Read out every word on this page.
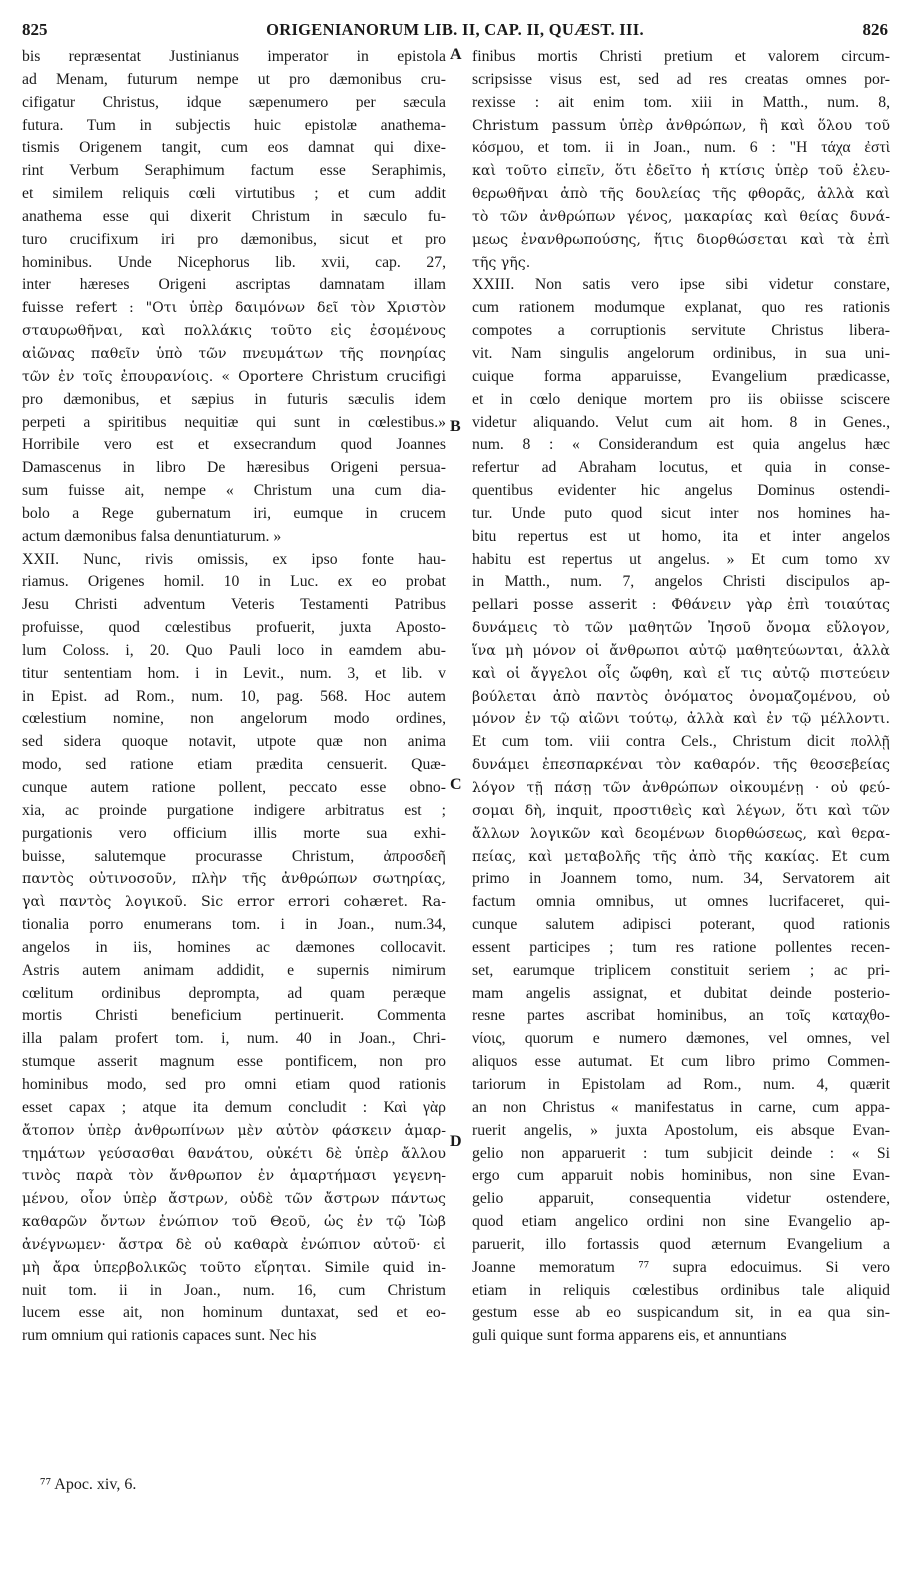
825	ORIGENIANORUM LIB. II, CAP. II, QUÆST. III.	826
bis repræsentat Justinianus imperator in epistola
ad Menam, futurum nempe ut pro dæmonibus cru-
cifigatur Christus, idque sæpenumero per sæcula
futura. Tum in subjectis huic epistolæ anathema-
tismis Origenem tangit, cum eos damnat qui dixe-
rint Verbum Seraphimum factum esse Seraphimis,
et similem reliquis cœli virtutibus ; et cum addit
anathema esse qui dixerit Christum in sæculo fu-
turo crucifixum iri pro dæmonibus, sicut et pro
hominibus. Unde Nicephorus lib. xvii, cap. 27,
inter hæreses Origeni ascriptas damnatam illam
fuisse refert : "Οτι ὑπὲρ δαιμόνων δεῖ τὸν Χριστὸν
σταυρωθῆναι, καὶ πολλάκις τοῦτο εἰς ἐσομένους
αἰῶνας παθεῖν ὑπὸ τῶν πνευμάτων τῆς πονηρίας
τῶν ἐν τοῖς ἐπουρανίοις. « Oportere Christum crucifigi
pro dæmonibus, et sæpius in futuris sæculis idem
perpeti a spiritibus nequitiæ qui sunt in cœlestibus.»
Horribile vero est et exsecrandum quod Joannes
Damascenus in libro De hæresibus Origeni persua-
sum fuisse ait, nempe « Christum una cum dia-
bolo a Rege gubernatum iri, eumque in crucem
actum dæmonibus falsa denuntiaturum. »
XXII. Nunc, rivis omissis, ex ipso fonte hau-
riamus. Origenes homil. 10 in Luc. ex eo probat
Jesu Christi adventum Veteris Testamenti Patribus
profuisse, quod cœlestibus profuerit, juxta Aposto-
lum Coloss. i, 20. Quo Pauli loco in eamdem abu-
titur sententiam hom. i in Levit., num. 3, et lib. v
in Epist. ad Rom., num. 10, pag. 568. Hoc autem
cœlestium nomine, non angelorum modo ordines,
sed sidera quoque notavit, utpote quæ non anima
modo, sed ratione etiam prædita censuerit. Quæ-
cunque autem ratione pollent, peccato esse obno-
xia, ac proinde purgatione indigere arbitratus est ;
purgationis vero officium illis morte sua exhi-
buisse, salutemque procurasse Christum, ἀπροσδεῆ
παντὸς οὐτινοσοῦν, πλὴν τῆς ἀνθρώπων σωτηρίας,
γαὶ παντὸς λογικοῦ. Sic error errori cohæret. Ra-
tionalia porro enumerans tom. i in Joan., num.34,
angelos in iis, homines ac dæmones collocavit.
Astris autem animam addidit, e supernis nimirum
cœlitum ordinibus deprompta, ad quam peræque
mortis Christi beneficium pertinuerit. Commenta
illa palam profert tom. i, num. 40 in Joan., Chri-
stumque asserit magnum esse pontificem, non pro
hominibus modo, sed pro omni etiam quod rationis
esset capax ; atque ita demum concludit : Καὶ γὰρ
ἄτοπον ὑπὲρ ἀνθρωπίνων μὲν αὐτὸν φάσκειν ἁμαρ-
τημάτων γεύσασθαι θανάτου, οὐκέτι δὲ ὑπὲρ ἄλλου
τινὸς παρὰ τὸν ἄνθρωπον ἐν ἁμαρτήμασι γεγενη-
μένου, οἷον ὑπὲρ ἄστρων, οὐδὲ τῶν ἄστρων πάντως
καθαρῶν ὄντων ἐνώπιον τοῦ Θεοῦ, ὡς ἐν τῷ Ἰὼβ
ἀνέγνωμεν· ἄστρα δὲ οὐ καθαρὰ ἐνώπιον αὐτοῦ· εἰ
μὴ ἄρα ὑπερβολικῶς τοῦτο εἴρηται. Simile quid in-
nuit tom. ii in Joan., num. 16, cum Christum
lucem esse ait, non hominum duntaxat, sed et eo-
rum omnium qui rationis capaces sunt. Nec his
finibus mortis Christi pretium et valorem circum-
scripsisse visus est, sed ad res creatas omnes por-
rexisse : ait enim tom. xiii in Matth., num. 8,
Christum passum ὑπὲρ ἀνθρώπων, ἢ καὶ ὅλου τοῦ
κόσμου, et tom. ii in Joan., num. 6 : "Η τάχα ἐστὶ
καὶ τοῦτο εἰπεῖν, ὅτι ἐδεῖτο ἡ κτίσις ὑπὲρ τοῦ ἐλευ-
θερωθῆναι ἀπὸ τῆς δουλείας τῆς φθορᾶς, ἀλλὰ καὶ
τὸ τῶν ἀνθρώπων γένος, μακαρίας καὶ θείας δυνά-
μεως ἐνανθρωπούσης, ἥτις διορθώσεται καὶ τὰ ἐπὶ
τῆς γῆς.
XXIII. Non satis vero ipse sibi videtur constare,
cum rationem modumque explanat, quo res rationis
compotes a corruptionis servitute Christus libera-
vit. Nam singulis angelorum ordinibus, in sua uni-
cuique forma apparuisse, Evangelium prædicasse,
et in cœlo denique mortem pro iis obiisse sciscere
videtur aliquando. Velut cum ait hom. 8 in Genes.,
num. 8 : « Considerandum est quia angelus hæc
refertur ad Abraham locutus, et quia in conse-
quentibus evidenter hic angelus Dominus ostendi-
tur. Unde puto quod sicut inter nos homines ha-
bitu repertus est ut homo, ita et inter angelos
habitu est repertus ut angelus. » Et cum tomo xv
in Matth., num. 7, angelos Christi discipulos ap-
pellari posse asserit : Φθάνειν γὰρ ἐπὶ τοιαύτας
δυνάμεις τὸ τῶν μαθητῶν Ἰησοῦ ὄνομα εὔλογον,
ἵνα μὴ μόνον οἱ ἄνθρωποι αὐτῷ μαθητεύωνται, ἀλλὰ
καὶ οἱ ἄγγελοι οἷς ὤφθη, καὶ εἴ τις αὐτῷ πιστεύειν
βούλεται ἀπὸ παντὸς ὀνόματος ὀνομαζομένου, οὐ
μόνον ἐν τῷ αἰῶνι τούτῳ, ἀλλὰ καὶ ἐν τῷ μέλλοντι.
Et cum tom. viii contra Cels., Christum dicit πολλῇ
δυνάμει ἐπεσπαρκέναι τὸν καθαρόν. τῆς θεοσεβείας
λόγον τῇ πάσῃ τῶν ἀνθρώπων οἰκουμένῃ · οὐ φεύ-
σομαι δὴ, inquit, προστιθεὶς καὶ λέγων, ὅτι καὶ τῶν
ἄλλων λογικῶν καὶ δεομένων διορθώσεως, καὶ θερα-
πείας, καὶ μεταβολῆς τῆς ἀπὸ τῆς κακίας. Et cum
primo in Joannem tomo, num. 34, Servatorem ait
factum omnia omnibus, ut omnes lucrifaceret, qui-
cunque salutem adipisci poterant, quod rationis
essent participes ; tum res ratione pollentes recen-
set, earumque triplicem constituit seriem ; ac pri-
mam angelis assignat, et dubitat deinde posterio-
resne partes ascribat hominibus, an τοῖς καταχθο-
νίοις, quorum e numero dæmones, vel omnes, vel
aliquos esse autumat. Et cum libro primo Commen-
tariorum in Epistolam ad Rom., num. 4, quærit
an non Christus « manifestatus in carne, cum appa-
ruerit angelis, » juxta Apostolum, eis absque Evan-
gelio non apparuerit : tum subjicit deinde : « Si
ergo cum apparuit nobis hominibus, non sine Evan-
gelio apparuit, consequentia videtur ostendere,
quod etiam angelico ordini non sine Evangelio ap-
paruerit, illo fortassis quod æternum Evangelium a
Joanne memoratum ⁷⁷ supra edocuimus. Si vero
etiam in reliquis cœlestibus ordinibus tale aliquid
gestum esse ab eo suspicandum sit, in ea qua sin-
guli quique sunt forma apparens eis, et annuntians
A
B
C
D
⁷⁷ Apoc. xiv, 6.
